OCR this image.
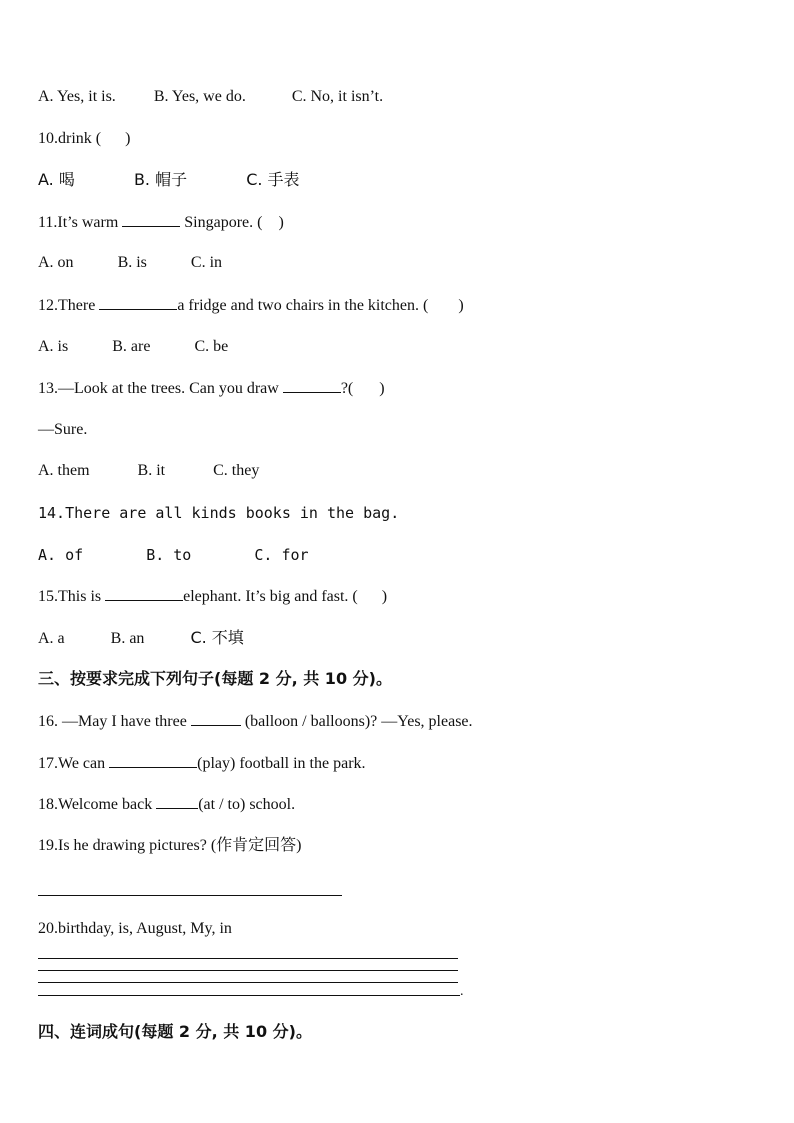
A. Yes, it is. B. Yes, we do.	C. No, it isn’t.
10.drink ( )
A. 喝	B. 帽子	C. 手表
11.It’s warm	Singapore. ( )
A. on	B. is	C. in
12.There	a fridge and two chairs in the kitchen. ( )
A. is	B. are	C. be
13.—Look at the trees. Can you draw	?( )
—Sure.
A. them	B. it	C. they
14.There are all kinds books in the bag.
A. of	B. to	C. for
15.This is	elephant. It’s big and fast. ( )
A. a	B. an	C. 不填
三、按要求完成下列句子(每题 2 分, 共 10 分)。
16. —May I have three	(balloon / balloons)? —Yes, please.
17.We can	(play) football in the park.
18.Welcome back	(at / to) school.
19.Is he drawing pictures? (作肯定回答)
20.birthday, is, August, My, in
.
四、连词成句(每题 2 分, 共 10 分)。
